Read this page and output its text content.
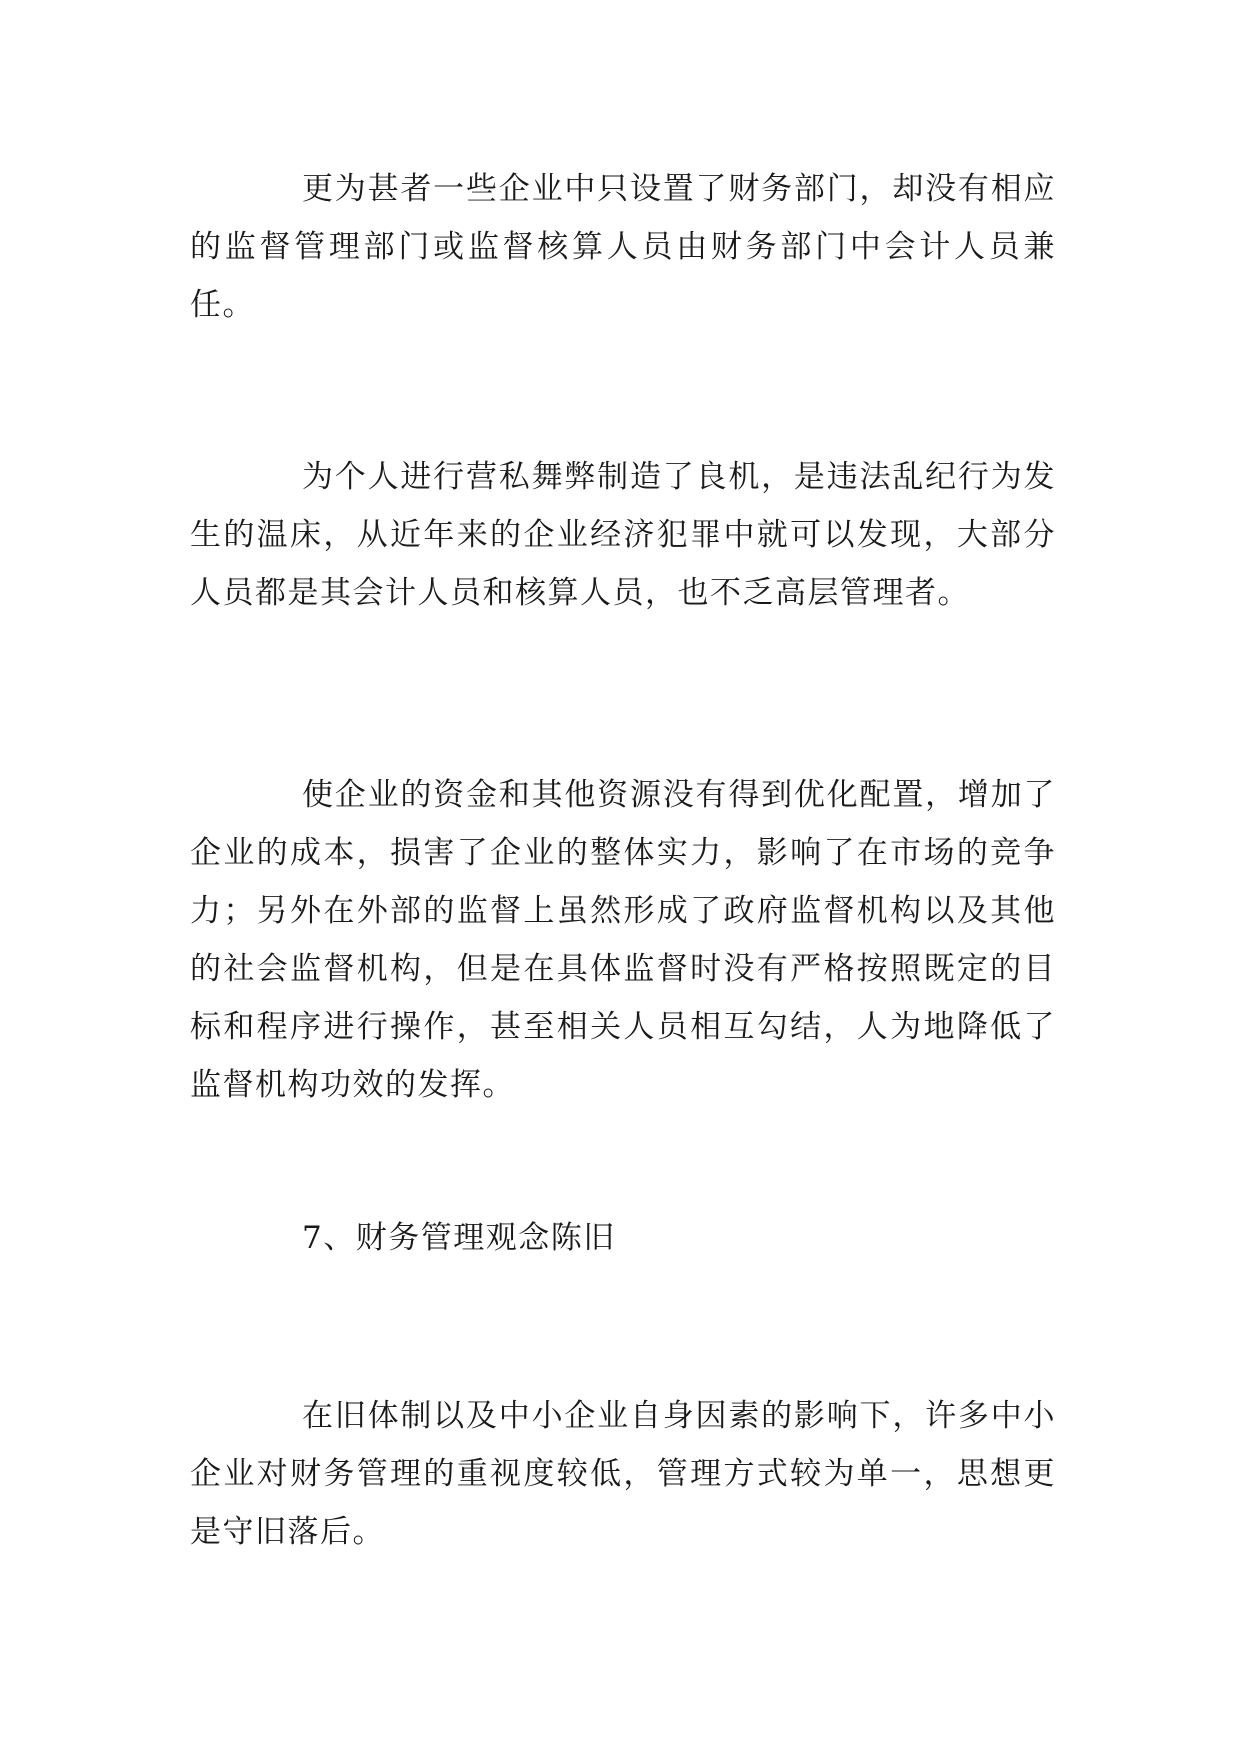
更为甚者一些企业中只设置了财务部门，却没有相应的监督管理部门或监督核算人员由财务部门中会计人员兼任。

为个人进行营私舞弊制造了良机，是违法乱纪行为发生的温床，从近年来的企业经济犯罪中就可以发现，大部分人员都是其会计人员和核算人员，也不乏高层管理者。

使企业的资金和其他资源没有得到优化配置，增加了企业的成本，损害了企业的整体实力，影响了在市场的竞争力；另外在外部的监督上虽然形成了政府监督机构以及其他的社会监督机构，但是在具体监督时没有严格按照既定的目标和程序进行操作，甚至相关人员相互勾结，人为地降低了监督机构功效的发挥。

7、财务管理观念陈旧

在旧体制以及中小企业自身因素的影响下，许多中小企业对财务管理的重视度较低，管理方式较为单一，思想更是守旧落后。
